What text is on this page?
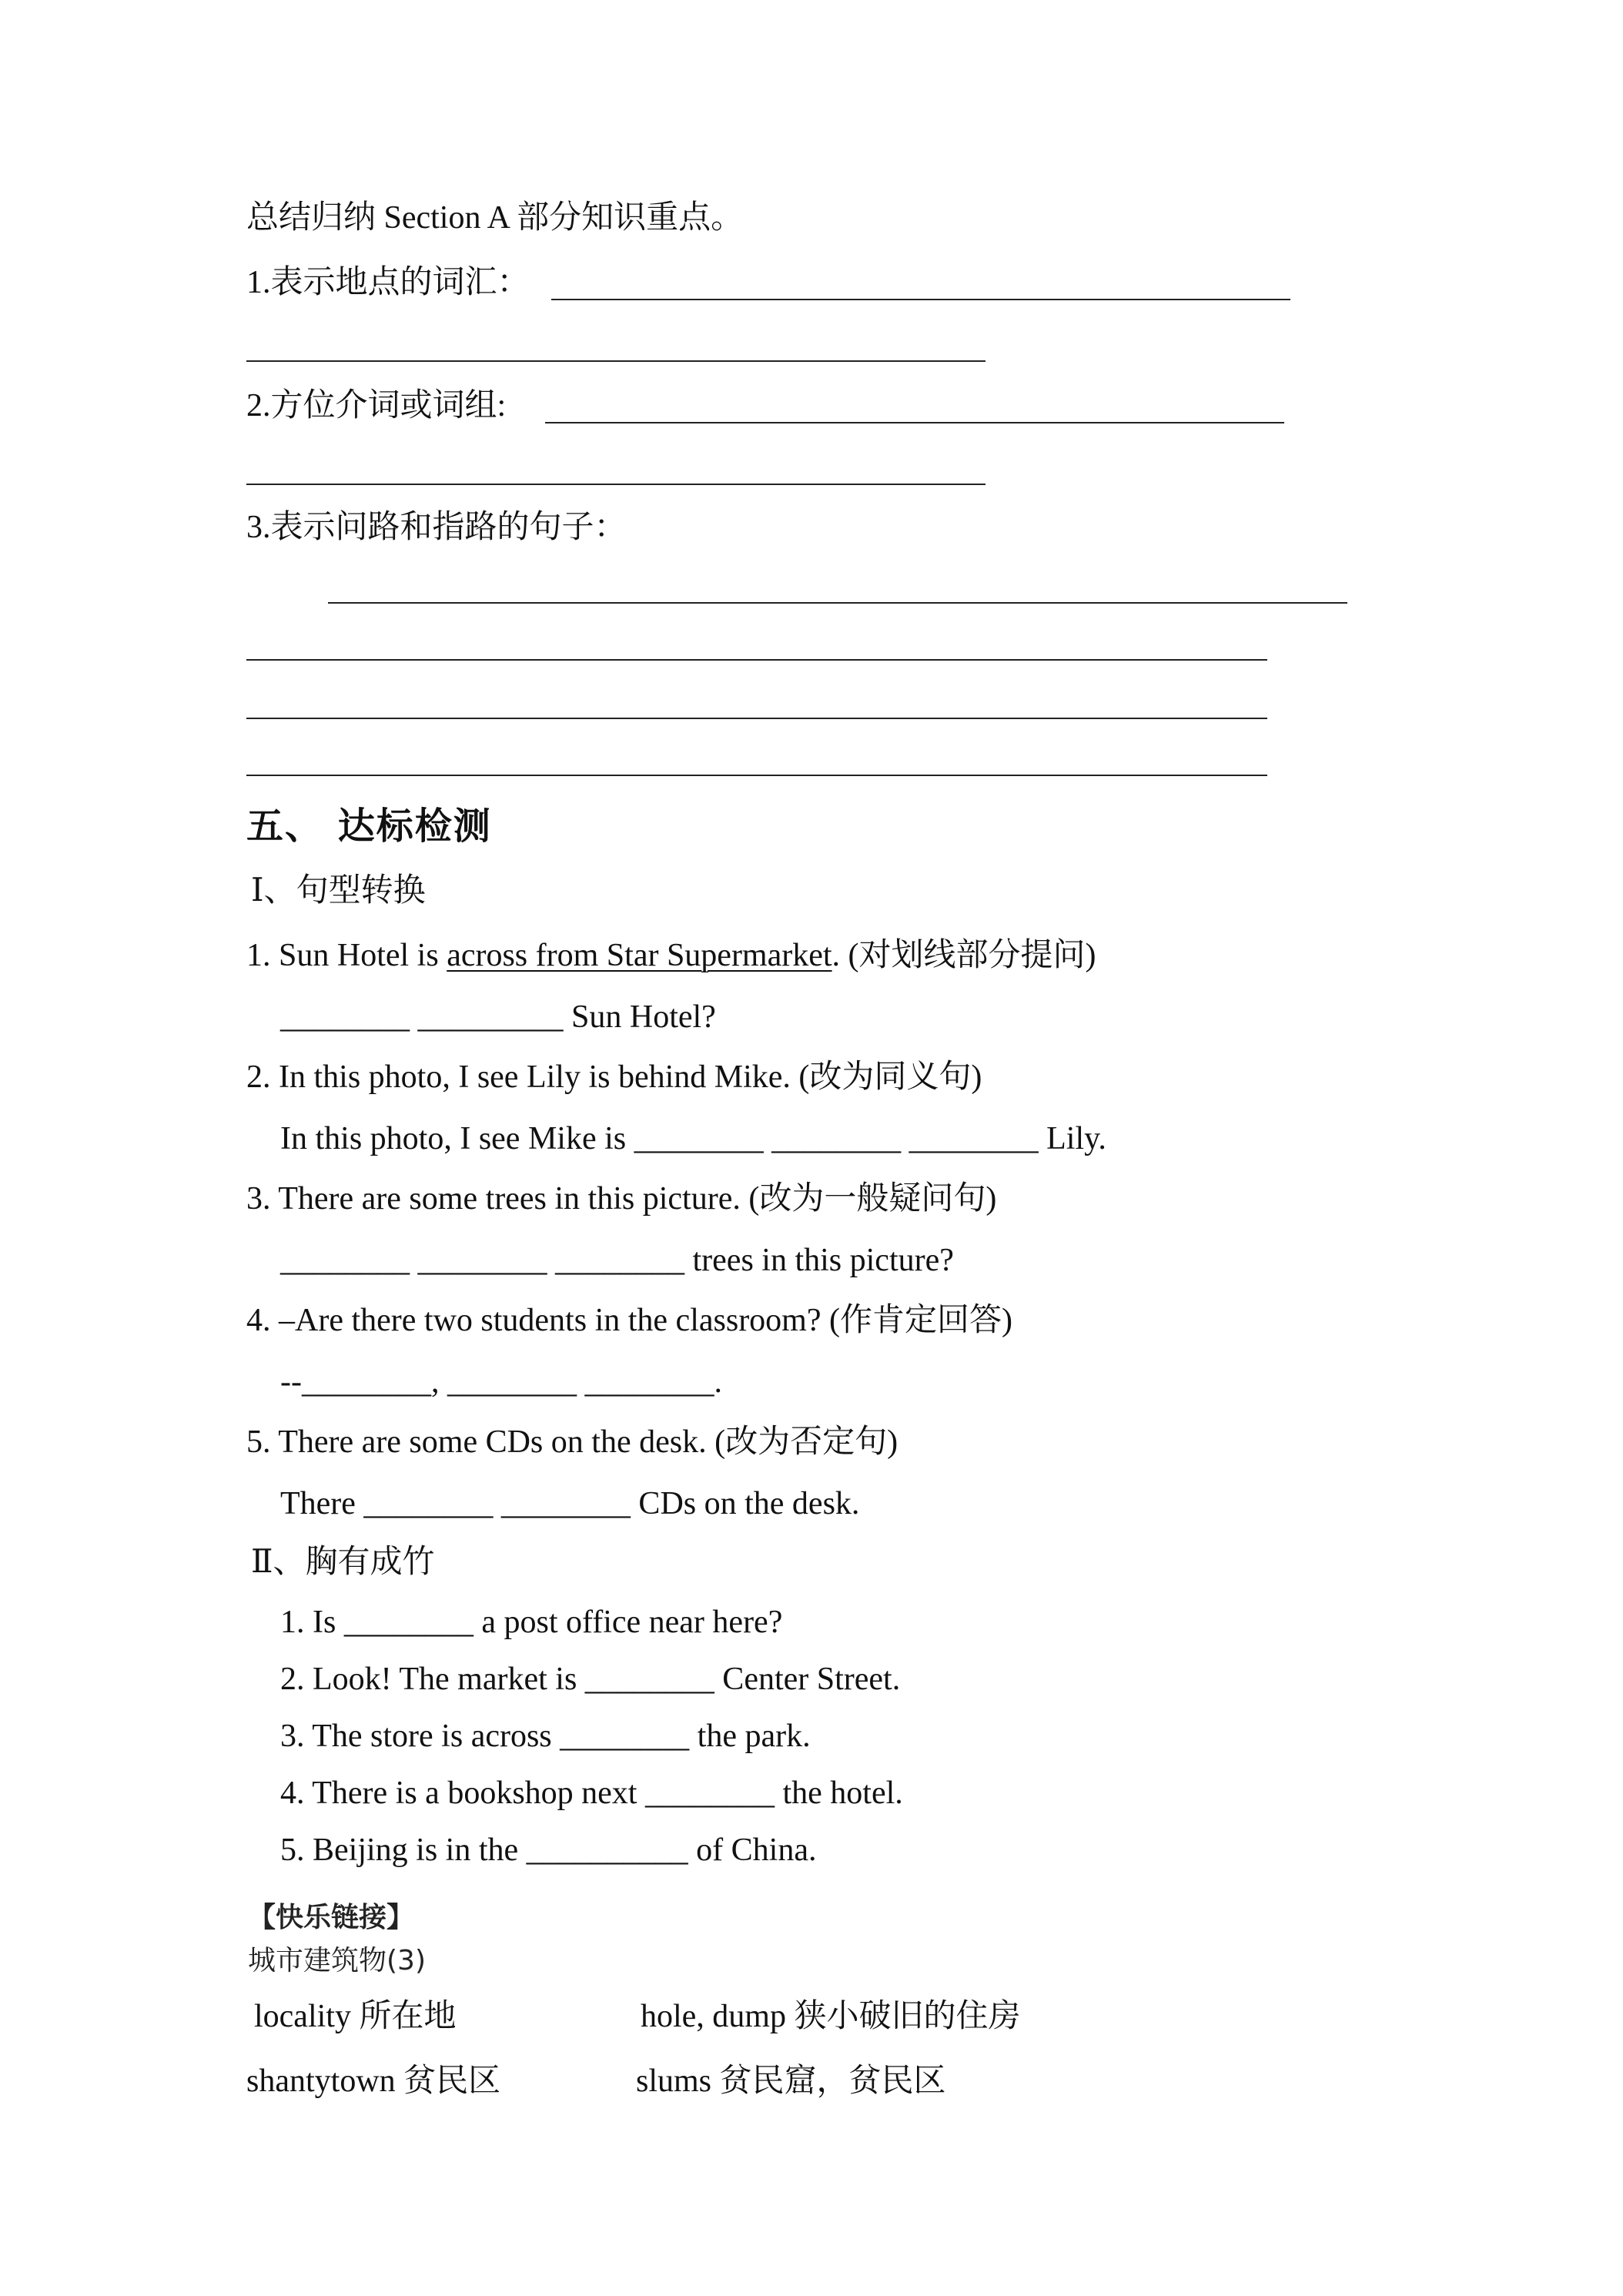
总结归纳 Section A 部分知识重点。
1.表示地点的词汇：
2.方位介词或词组:
3.表示问路和指路的句子：
五、 达标检测
Ⅰ、句型转换
1. Sun Hotel is across from Star Supermarket. (对划线部分提问)
________ _________ Sun Hotel?
2. In this photo, I see Lily is behind Mike. (改为同义句)
In this photo, I see Mike is ________ ________ ________ Lily.
3. There are some trees in this picture. (改为一般疑问句)
________ ________ ________ trees in this picture?
4. –Are there two students in the classroom? (作肯定回答)
--________, ________ ________.
5. There are some CDs on the desk. (改为否定句)
There ________ ________ CDs on the desk.
Ⅱ、胸有成竹
1. Is ________ a post office near here?
2. Look! The market is ________ Center Street.
3. The store is across ________ the park.
4. There is a bookshop next ________ the hotel.
5. Beijing is in the __________ of China.
【快乐链接】
城市建筑物(3)
locality 所在地	hole, dump 狭小破旧的住房
shantytown 贫民区	slums 贫民窟，贫民区
